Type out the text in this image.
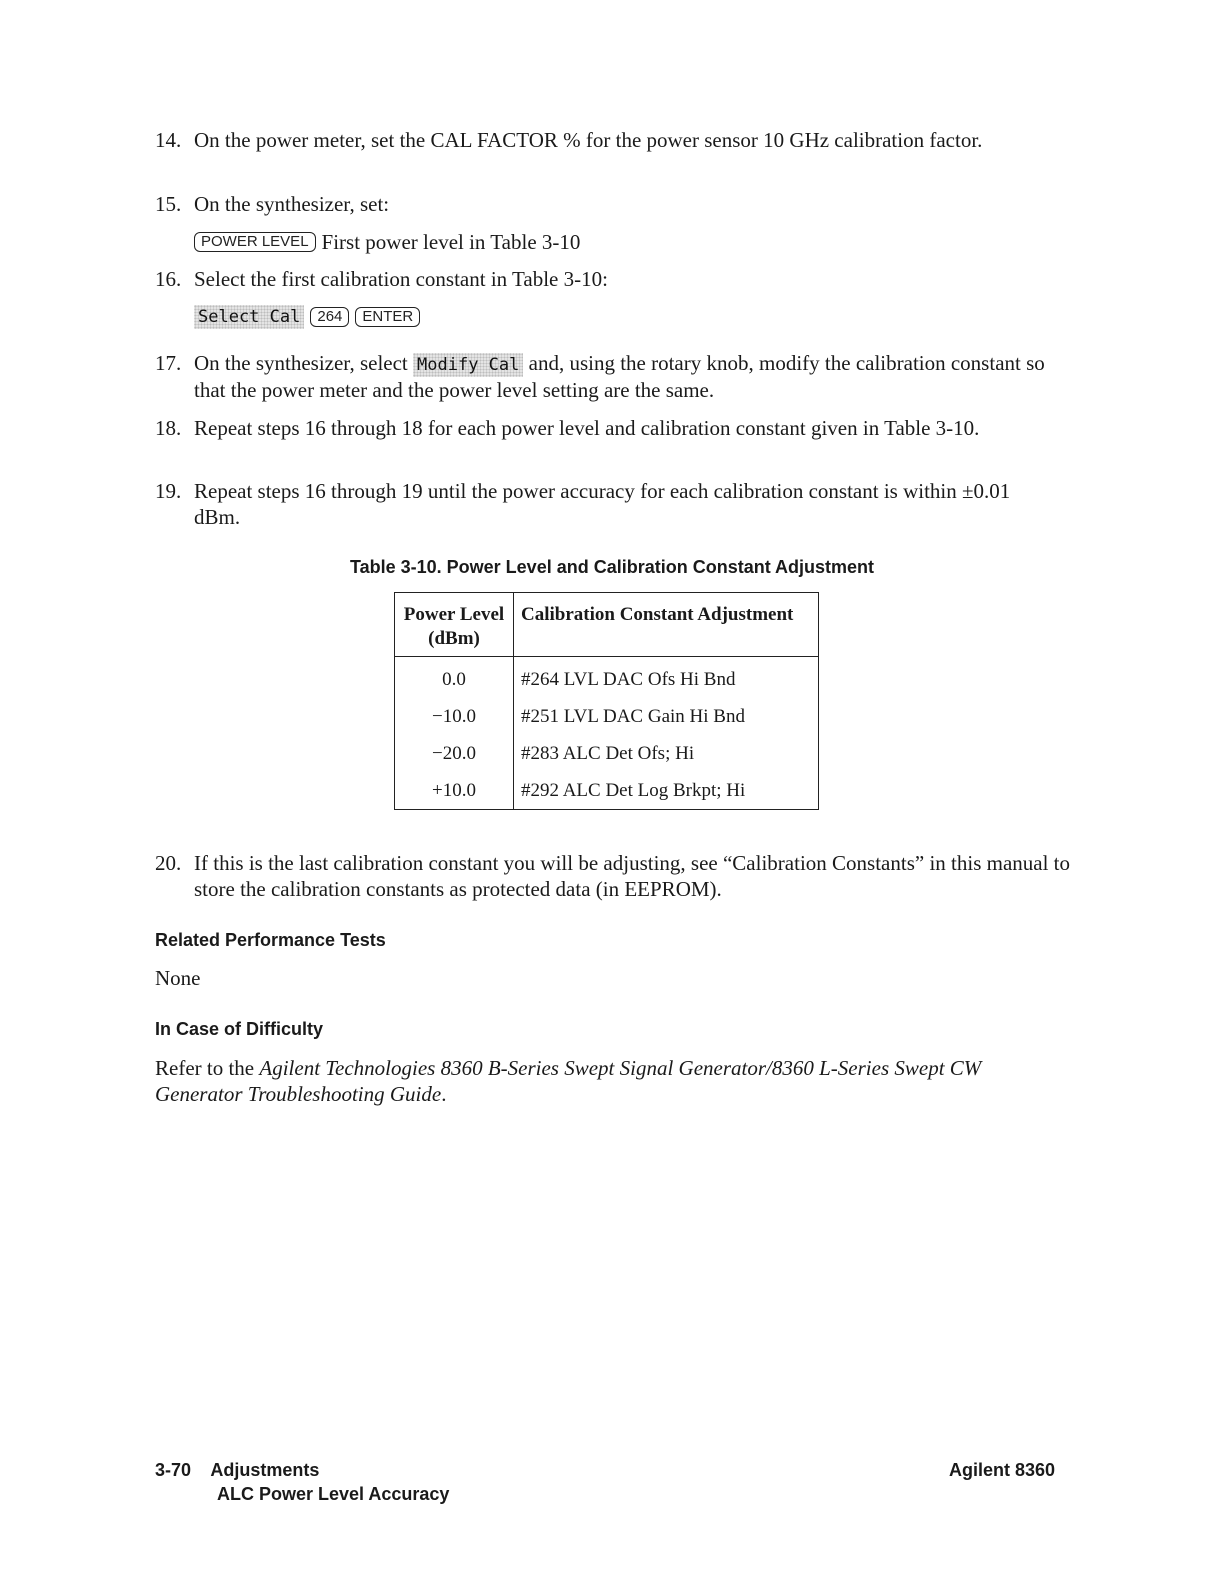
14. On the power meter, set the CAL FACTOR % for the power sensor 10 GHz calibration factor.
15. On the synthesizer, set:
POWER LEVEL First power level in Table 3-10
16. Select the first calibration constant in Table 3-10:
Select Cal	264	ENTER
17. On the synthesizer, select Modify Cal and, using the rotary knob, modify the calibration constant so that the power meter and the power level setting are the same.
18. Repeat steps 16 through 18 for each power level and calibration constant given in Table 3-10.
19. Repeat steps 16 through 19 until the power accuracy for each calibration constant is within ±0.01 dBm.
Table 3-10. Power Level and Calibration Constant Adjustment
Power Level (dBm)	Calibration Constant Adjustment
0.0	#264 LVL DAC Ofs Hi Bnd
−10.0	#251 LVL DAC Gain Hi Bnd
−20.0	#283 ALC Det Ofs; Hi
+10.0	#292 ALC Det Log Brkpt; Hi
20. If this is the last calibration constant you will be adjusting, see “Calibration Constants” in this manual to store the calibration constants as protected data (in EEPROM).
Related Performance Tests
None
In Case of Difficulty
Refer to the Agilent Technologies 8360 B-Series Swept Signal Generator/8360 L-Series Swept CW Generator Troubleshooting Guide.
3-70 Adjustments
ALC Power Level Accuracy
Agilent 8360
